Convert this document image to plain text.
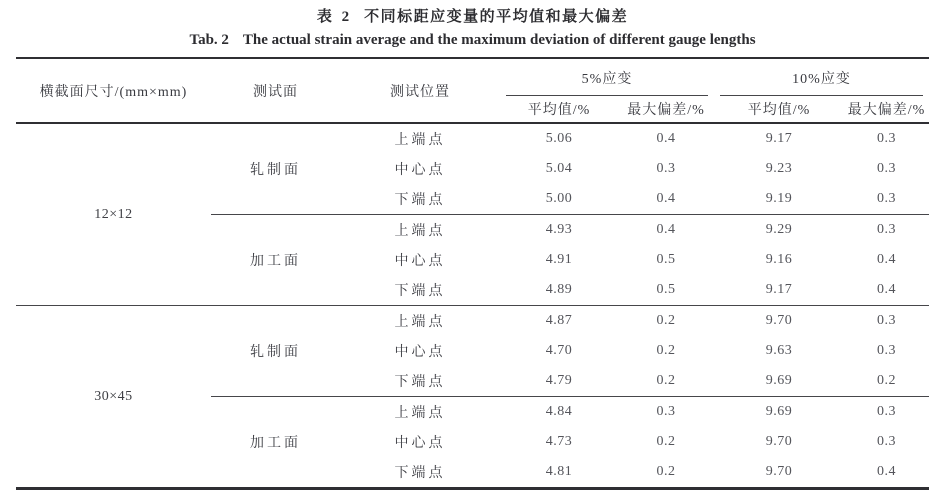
表 2 不同标距应变量的平均值和最大偏差
Tab. 2 The actual strain average and the maximum deviation of different gauge lengths
横截面尺寸/(mm×mm)	测试面	测试位置	5%应变		10%应变	
			平均值/%	最大偏差/%	平均值/%	最大偏差/%
12×12	轧制面	上端点	5.06	0.4	9.17	0.3
		中心点	5.04	0.3	9.23	0.3
		下端点	5.00	0.4	9.19	0.3
	加工面	上端点	4.93	0.4	9.29	0.3
		中心点	4.91	0.5	9.16	0.4
		下端点	4.89	0.5	9.17	0.4
30×45	轧制面	上端点	4.87	0.2	9.70	0.3
		中心点	4.70	0.2	9.63	0.3
		下端点	4.79	0.2	9.69	0.2
	加工面	上端点	4.84	0.3	9.69	0.3
		中心点	4.73	0.2	9.70	0.3
		下端点	4.81	0.2	9.70	0.4
